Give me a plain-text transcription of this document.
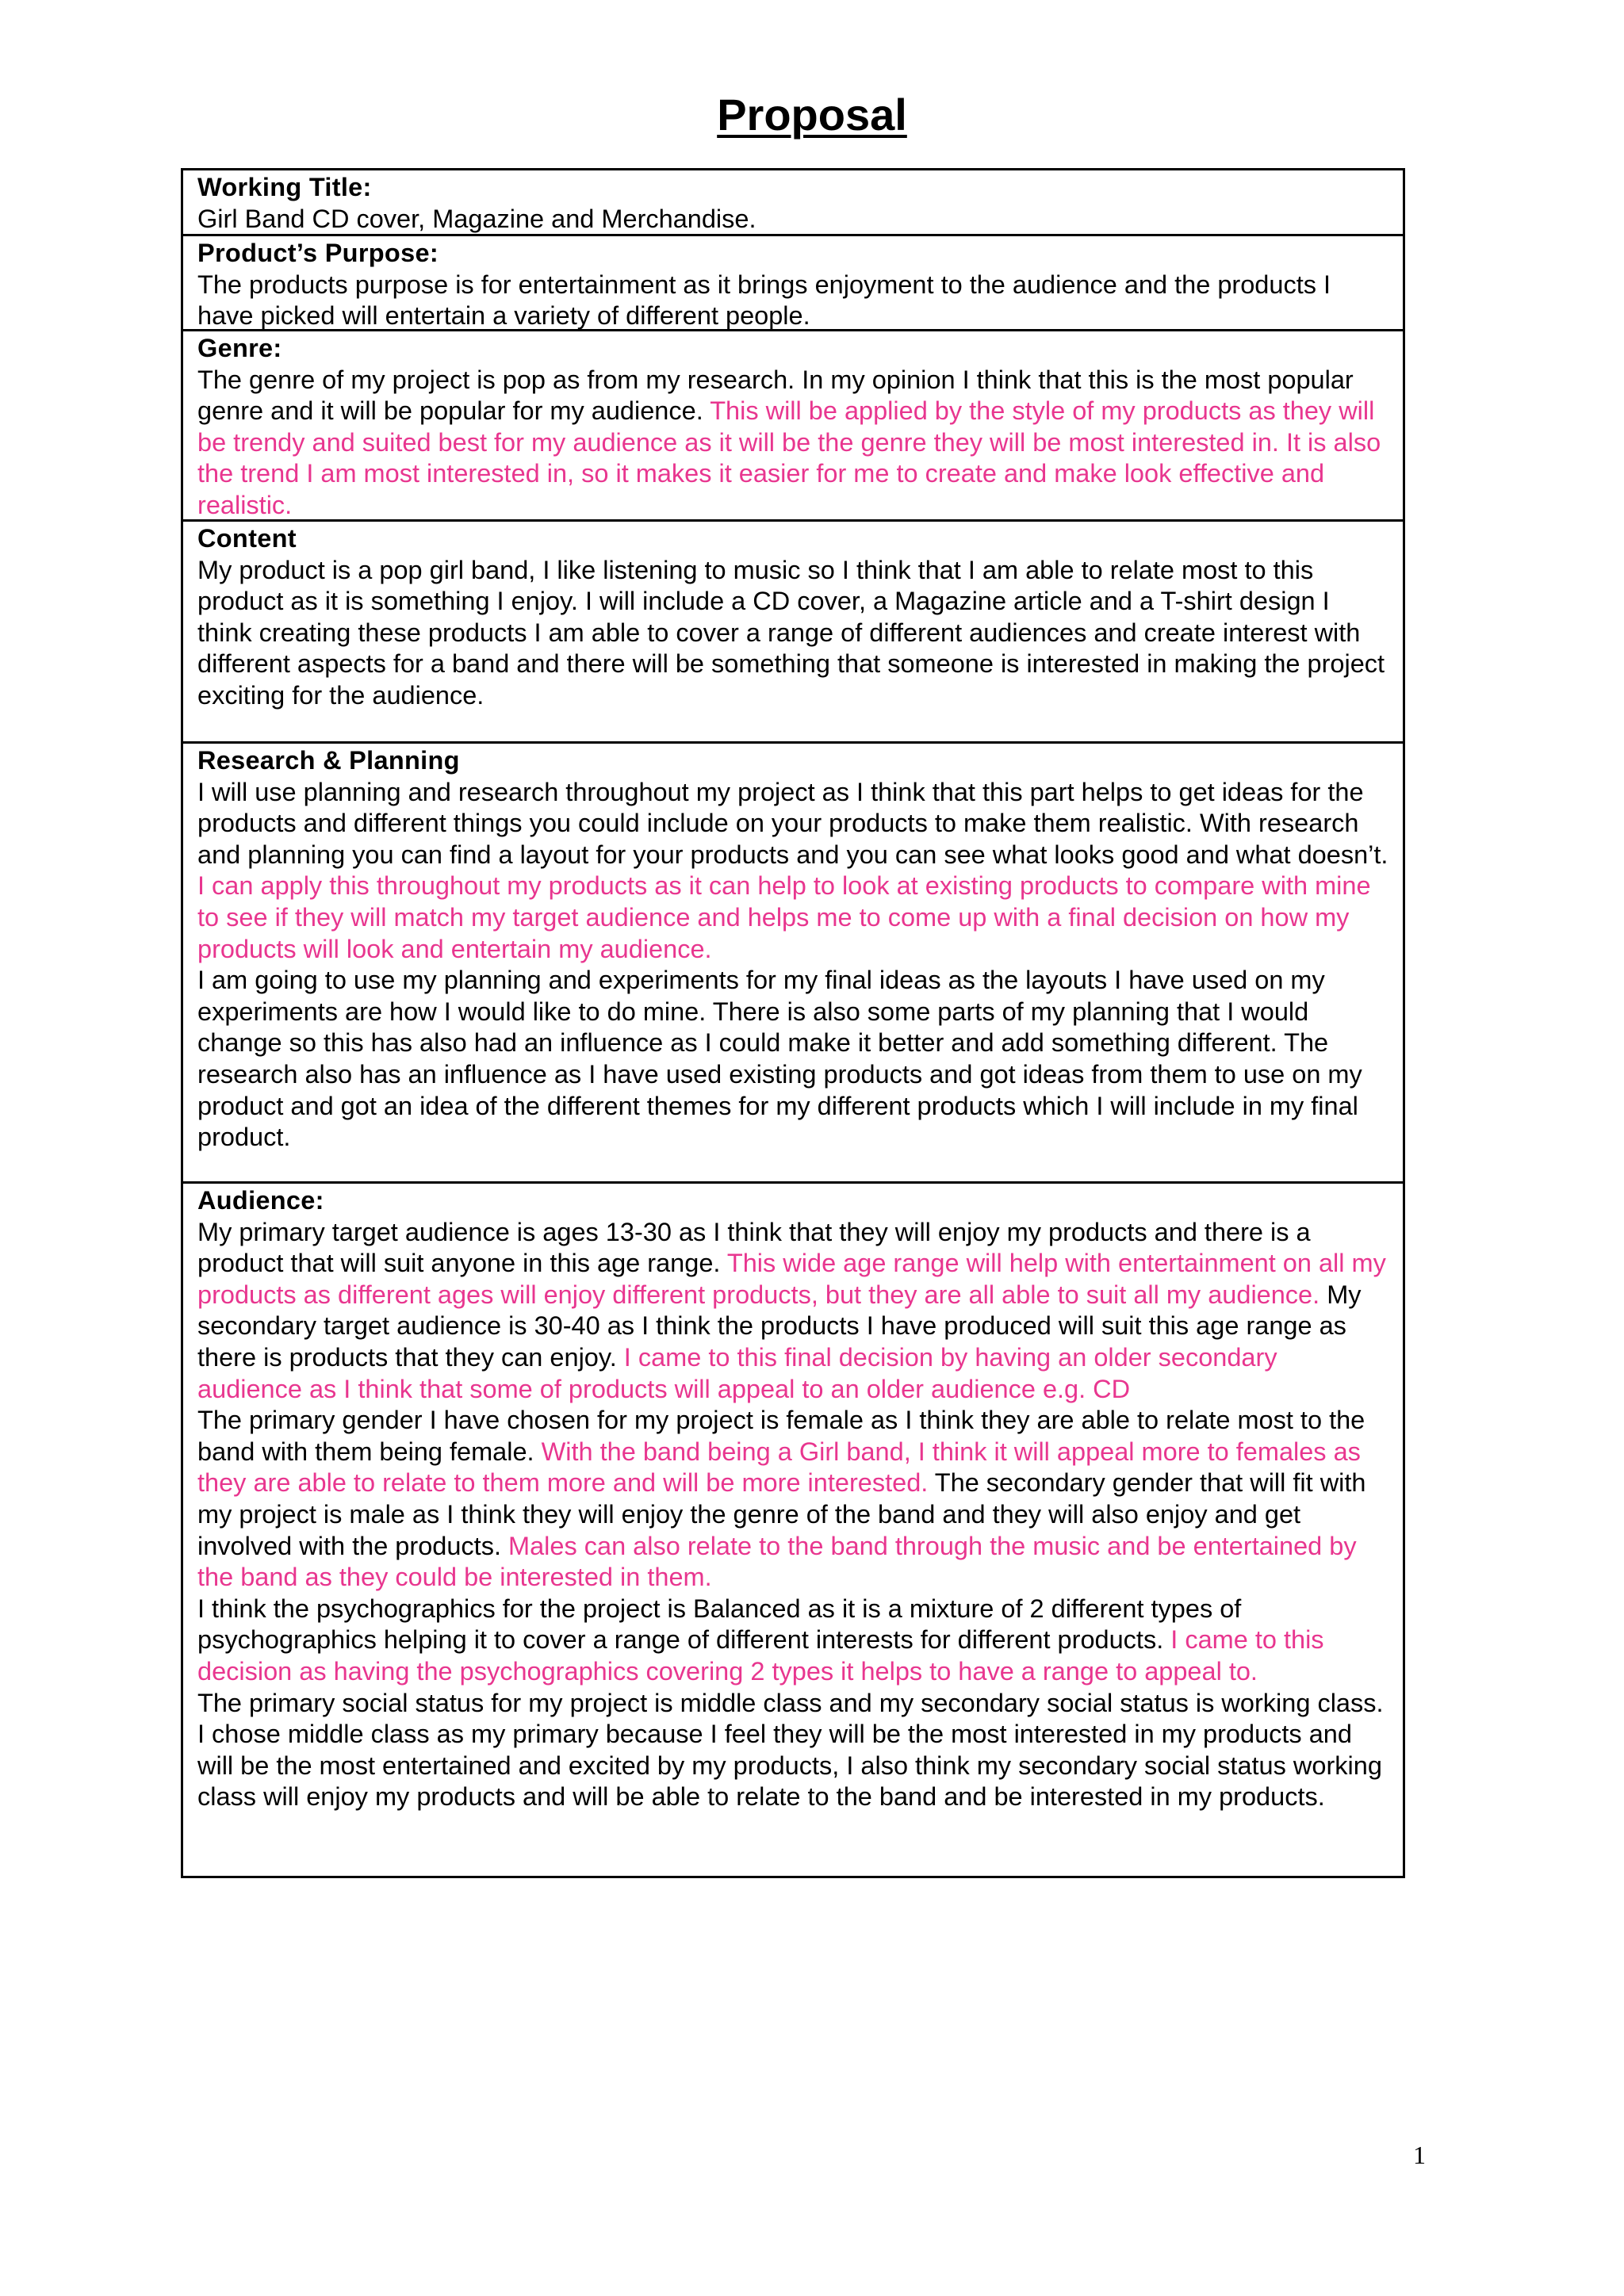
Proposal
Working Title:
Girl Band CD cover, Magazine and Merchandise.
Product’s Purpose:
The products purpose is for entertainment as it brings enjoyment to the audience and the products I have picked will entertain a variety of different people.
Genre:
The genre of my project is pop as from my research. In my opinion I think that this is the most popular genre and it will be popular for my audience. This will be applied by the style of my products as they will be trendy and suited best for my audience as it will be the genre they will be most interested in. It is also the trend I am most interested in, so it makes it easier for me to create and make look effective and realistic.
Content
My product is a pop girl band, I like listening to music so I think that I am able to relate most to this product as it is something I enjoy. I will include a CD cover, a Magazine article and a T-shirt design I think creating these products I am able to cover a range of different audiences and create interest with different aspects for a band and there will be something that someone is interested in making the project exciting for the audience.
Research & Planning
I will use planning and research throughout my project as I think that this part helps to get ideas for the products and different things you could include on your products to make them realistic. With research and planning you can find a layout for your products and you can see what looks good and what doesn’t. I can apply this throughout my products as it can help to look at existing products to compare with mine to see if they will match my target audience and helps me to come up with a final decision on how my products will look and entertain my audience.
I am going to use my planning and experiments for my final ideas as the layouts I have used on my experiments are how I would like to do mine. There is also some parts of my planning that I would change so this has also had an influence as I could make it better and add something different. The research also has an influence as I have used existing products and got ideas from them to use on my product and got an idea of the different themes for my different products which I will include in my final product.
Audience:
My primary target audience is ages 13-30 as I think that they will enjoy my products and there is a product that will suit anyone in this age range. This wide age range will help with entertainment on all my products as different ages will enjoy different products, but they are all able to suit all my audience. My secondary target audience is 30-40 as I think the products I have produced will suit this age range as there is products that they can enjoy. I came to this final decision by having an older secondary audience as I think that some of products will appeal to an older audience e.g. CD
The primary gender I have chosen for my project is female as I think they are able to relate most to the band with them being female. With the band being a Girl band, I think it will appeal more to females as they are able to relate to them more and will be more interested. The secondary gender that will fit with my project is male as I think they will enjoy the genre of the band and they will also enjoy and get involved with the products. Males can also relate to the band through the music and be entertained by the band as they could be interested in them.
I think the psychographics for the project is Balanced as it is a mixture of 2 different types of psychographics helping it to cover a range of different interests for different products. I came to this decision as having the psychographics covering 2 types it helps to have a range to appeal to.
The primary social status for my project is middle class and my secondary social status is working class. I chose middle class as my primary because I feel they will be the most interested in my products and will be the most entertained and excited by my products, I also think my secondary social status working class will enjoy my products and will be able to relate to the band and be interested in my products.
1
